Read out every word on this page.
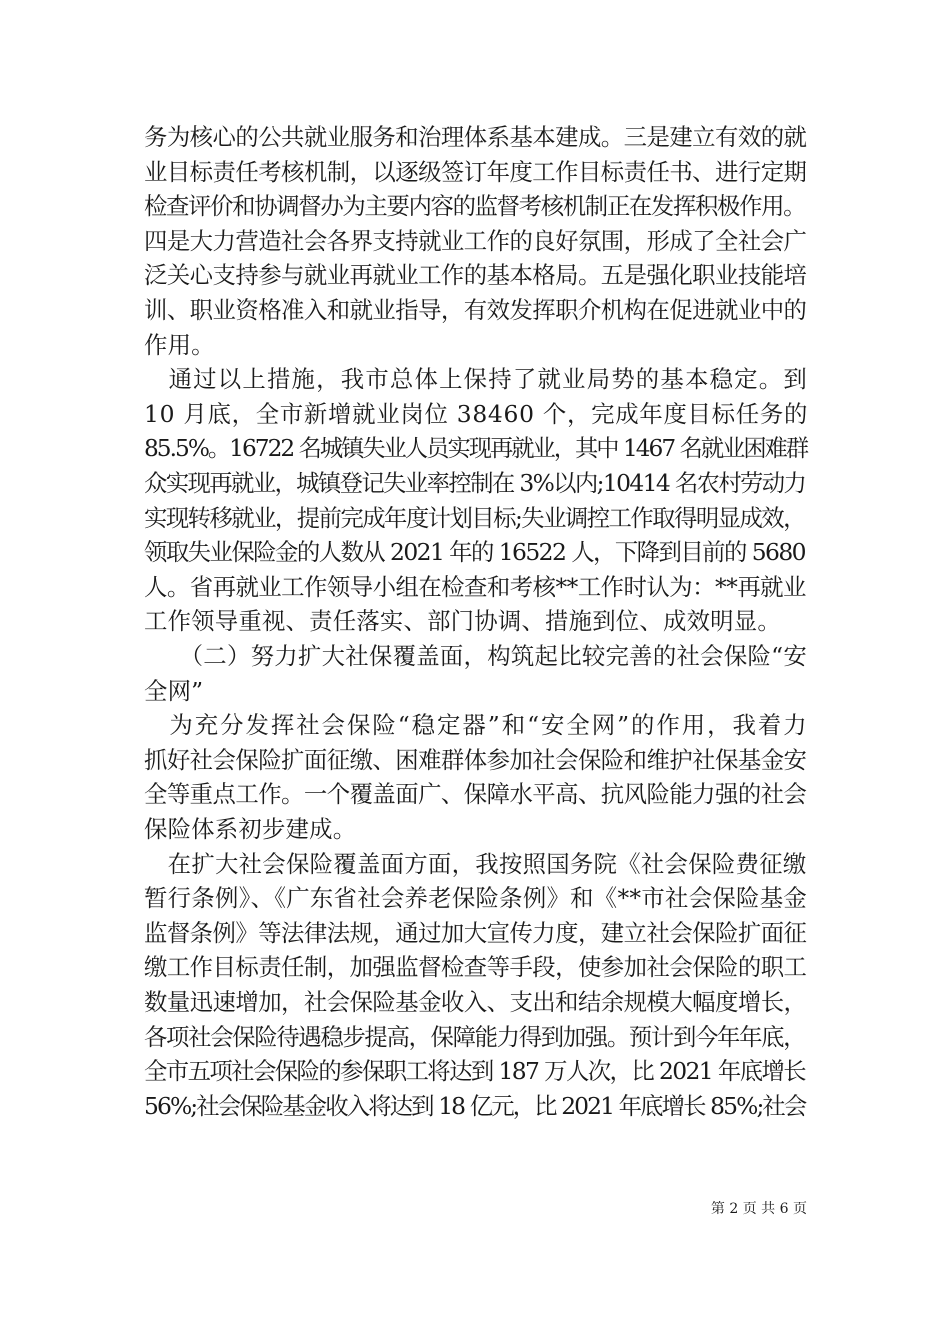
务为核心的公共就业服务和治理体系基本建成。三是建立有效的就
业目标责任考核机制，以逐级签订年度工作目标责任书、进行定期
检查评价和协调督办为主要内容的监督考核机制正在发挥积极作用。
四是大力营造社会各界支持就业工作的良好氛围，形成了全社会广
泛关心支持参与就业再就业工作的基本格局。五是强化职业技能培
训、职业资格准入和就业指导，有效发挥职介机构在促进就业中的
作用。
　通过以上措施，我市总体上保持了就业局势的基本稳定。到
10 月底，全市新增就业岗位 38460 个，完成年度目标任务的
85.5%。16722 名城镇失业人员实现再就业，其中 1467 名就业困难群
众实现再就业，城镇登记失业率控制在 3%以内;10414 名农村劳动力
实现转移就业，提前完成年度计划目标;失业调控工作取得明显成效，
领取失业保险金的人数从 2021 年的 16522 人，下降到目前的 5680
人。省再就业工作领导小组在检查和考核**工作时认为：**再就业
工作领导重视、责任落实、部门协调、措施到位、成效明显。
　　（二）努力扩大社保覆盖面，构筑起比较完善的社会保险“安
全网”
　为充分发挥社会保险“稳定器”和“安全网”的作用，我着力
抓好社会保险扩面征缴、困难群体参加社会保险和维护社保基金安
全等重点工作。一个覆盖面广、保障水平高、抗风险能力强的社会
保险体系初步建成。
　在扩大社会保险覆盖面方面，我按照国务院《社会保险费征缴
暂行条例》、《广东省社会养老保险条例》和《**市社会保险基金
监督条例》等法律法规，通过加大宣传力度，建立社会保险扩面征
缴工作目标责任制，加强监督检查等手段，使参加社会保险的职工
数量迅速增加，社会保险基金收入、支出和结余规模大幅度增长，
各项社会保险待遇稳步提高，保障能力得到加强。预计到今年年底，
全市五项社会保险的参保职工将达到 187 万人次，比 2021 年底增长
56%;社会保险基金收入将达到 18 亿元，比 2021 年底增长 85%;社会
第 2 页 共 6 页
